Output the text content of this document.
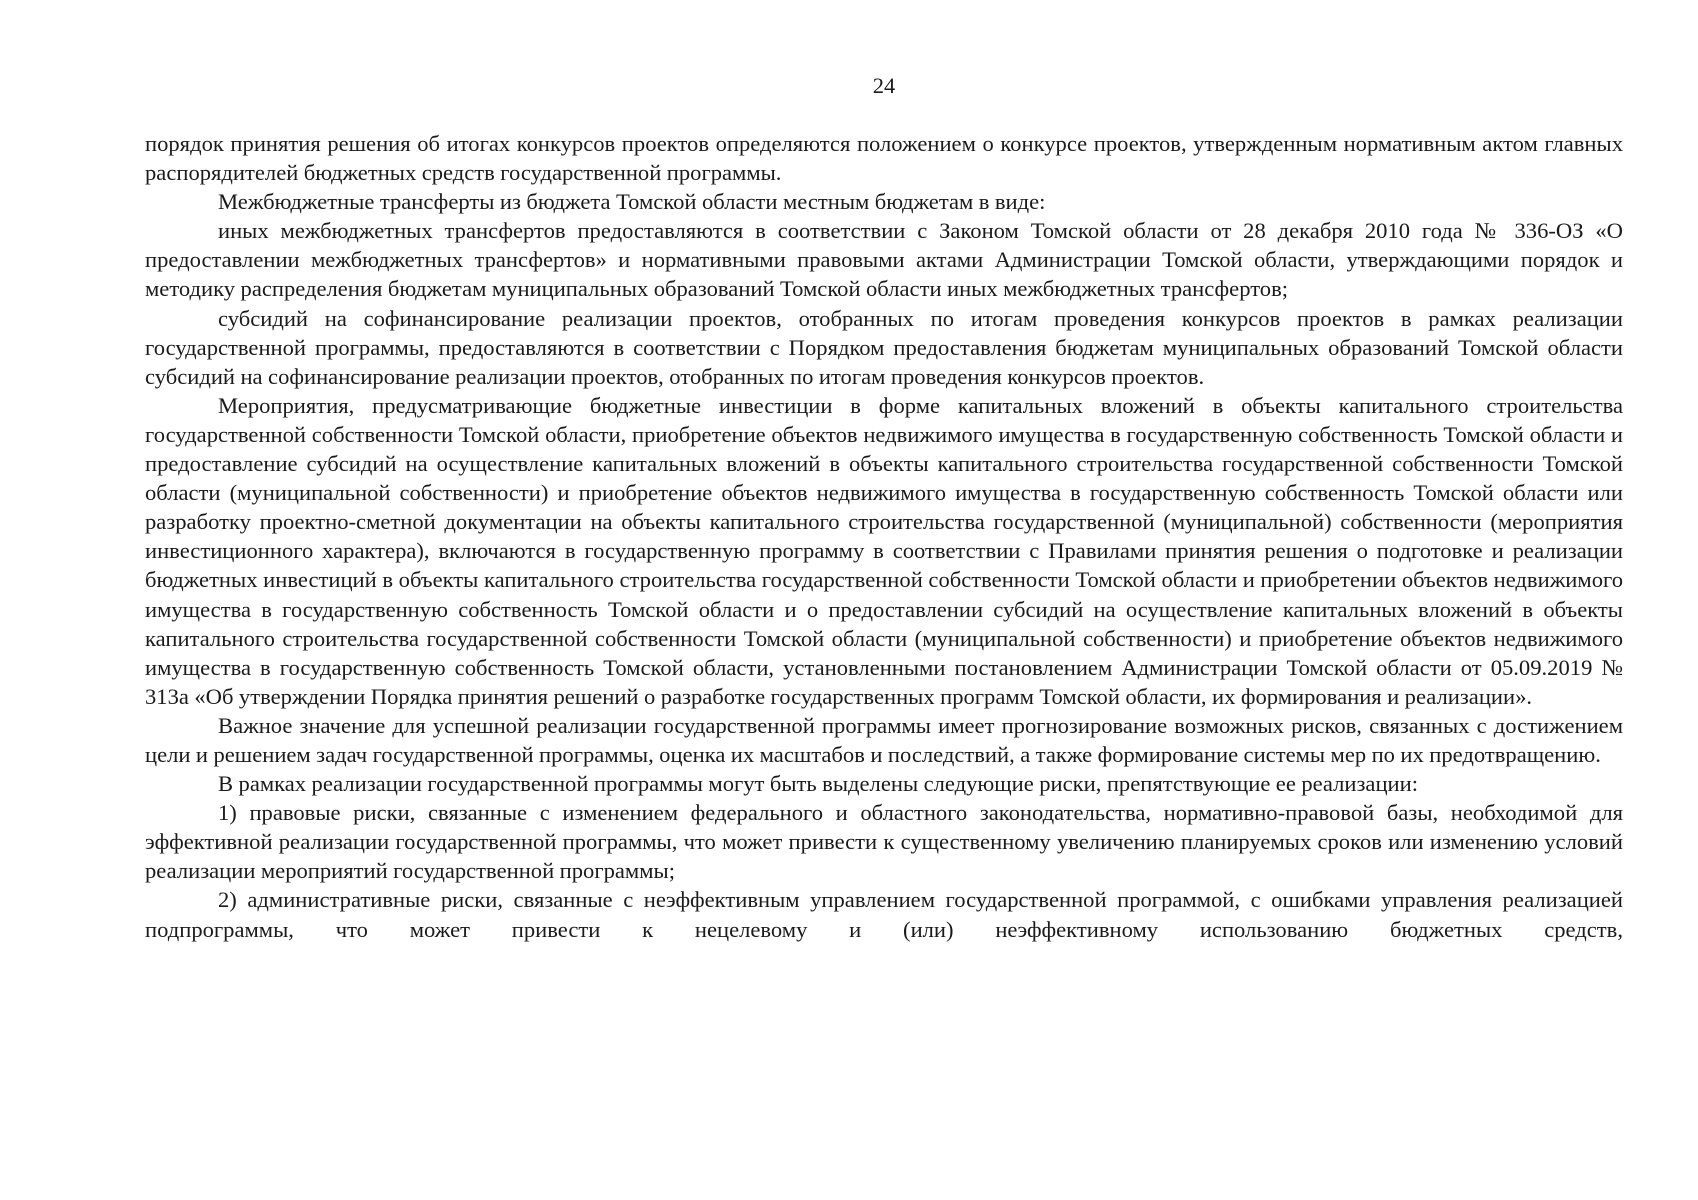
24

порядок принятия решения об итогах конкурсов проектов определяются положением о конкурсе проектов, утвержденным нормативным актом главных распорядителей бюджетных средств государственной программы.

Межбюджетные трансферты из бюджета Томской области местным бюджетам в виде:

иных межбюджетных трансфертов предоставляются в соответствии с Законом Томской области от 28 декабря 2010 года № 336-ОЗ «О предоставлении межбюджетных трансфертов» и нормативными правовыми актами Администрации Томской области, утверждающими порядок и методику распределения бюджетам муниципальных образований Томской области иных межбюджетных трансфертов;

субсидий на софинансирование реализации проектов, отобранных по итогам проведения конкурсов проектов в рамках реализации государственной программы, предоставляются в соответствии с Порядком предоставления бюджетам муниципальных образований Томской области субсидий на софинансирование реализации проектов, отобранных по итогам проведения конкурсов проектов.

Мероприятия, предусматривающие бюджетные инвестиции в форме капитальных вложений в объекты капитального строительства государственной собственности Томской области, приобретение объектов недвижимого имущества в государственную собственность Томской области и предоставление субсидий на осуществление капитальных вложений в объекты капитального строительства государственной собственности Томской области (муниципальной собственности) и приобретение объектов недвижимого имущества в государственную собственность Томской области или разработку проектно-сметной документации на объекты капитального строительства государственной (муниципальной) собственности (мероприятия инвестиционного характера), включаются в государственную программу в соответствии с Правилами принятия решения о подготовке и реализации бюджетных инвестиций в объекты капитального строительства государственной собственности Томской области и приобретении объектов недвижимого имущества в государственную собственность Томской области и о предоставлении субсидий на осуществление капитальных вложений в объекты капитального строительства государственной собственности Томской области (муниципальной собственности) и приобретение объектов недвижимого имущества в государственную собственность Томской области, установленными постановлением Администрации Томской области от 05.09.2019 № 313а «Об утверждении Порядка принятия решений о разработке государственных программ Томской области, их формирования и реализации».

Важное значение для успешной реализации государственной программы имеет прогнозирование возможных рисков, связанных с достижением цели и решением задач государственной программы, оценка их масштабов и последствий, а также формирование системы мер по их предотвращению.

В рамках реализации государственной программы могут быть выделены следующие риски, препятствующие ее реализации:

1) правовые риски, связанные с изменением федерального и областного законодательства, нормативно-правовой базы, необходимой для эффективной реализации государственной программы, что может привести к существенному увеличению планируемых сроков или изменению условий реализации мероприятий государственной программы;

2) административные риски, связанные с неэффективным управлением государственной программой, с ошибками управления реализацией подпрограммы, что может привести к нецелевому и (или) неэффективному использованию бюджетных средств,
